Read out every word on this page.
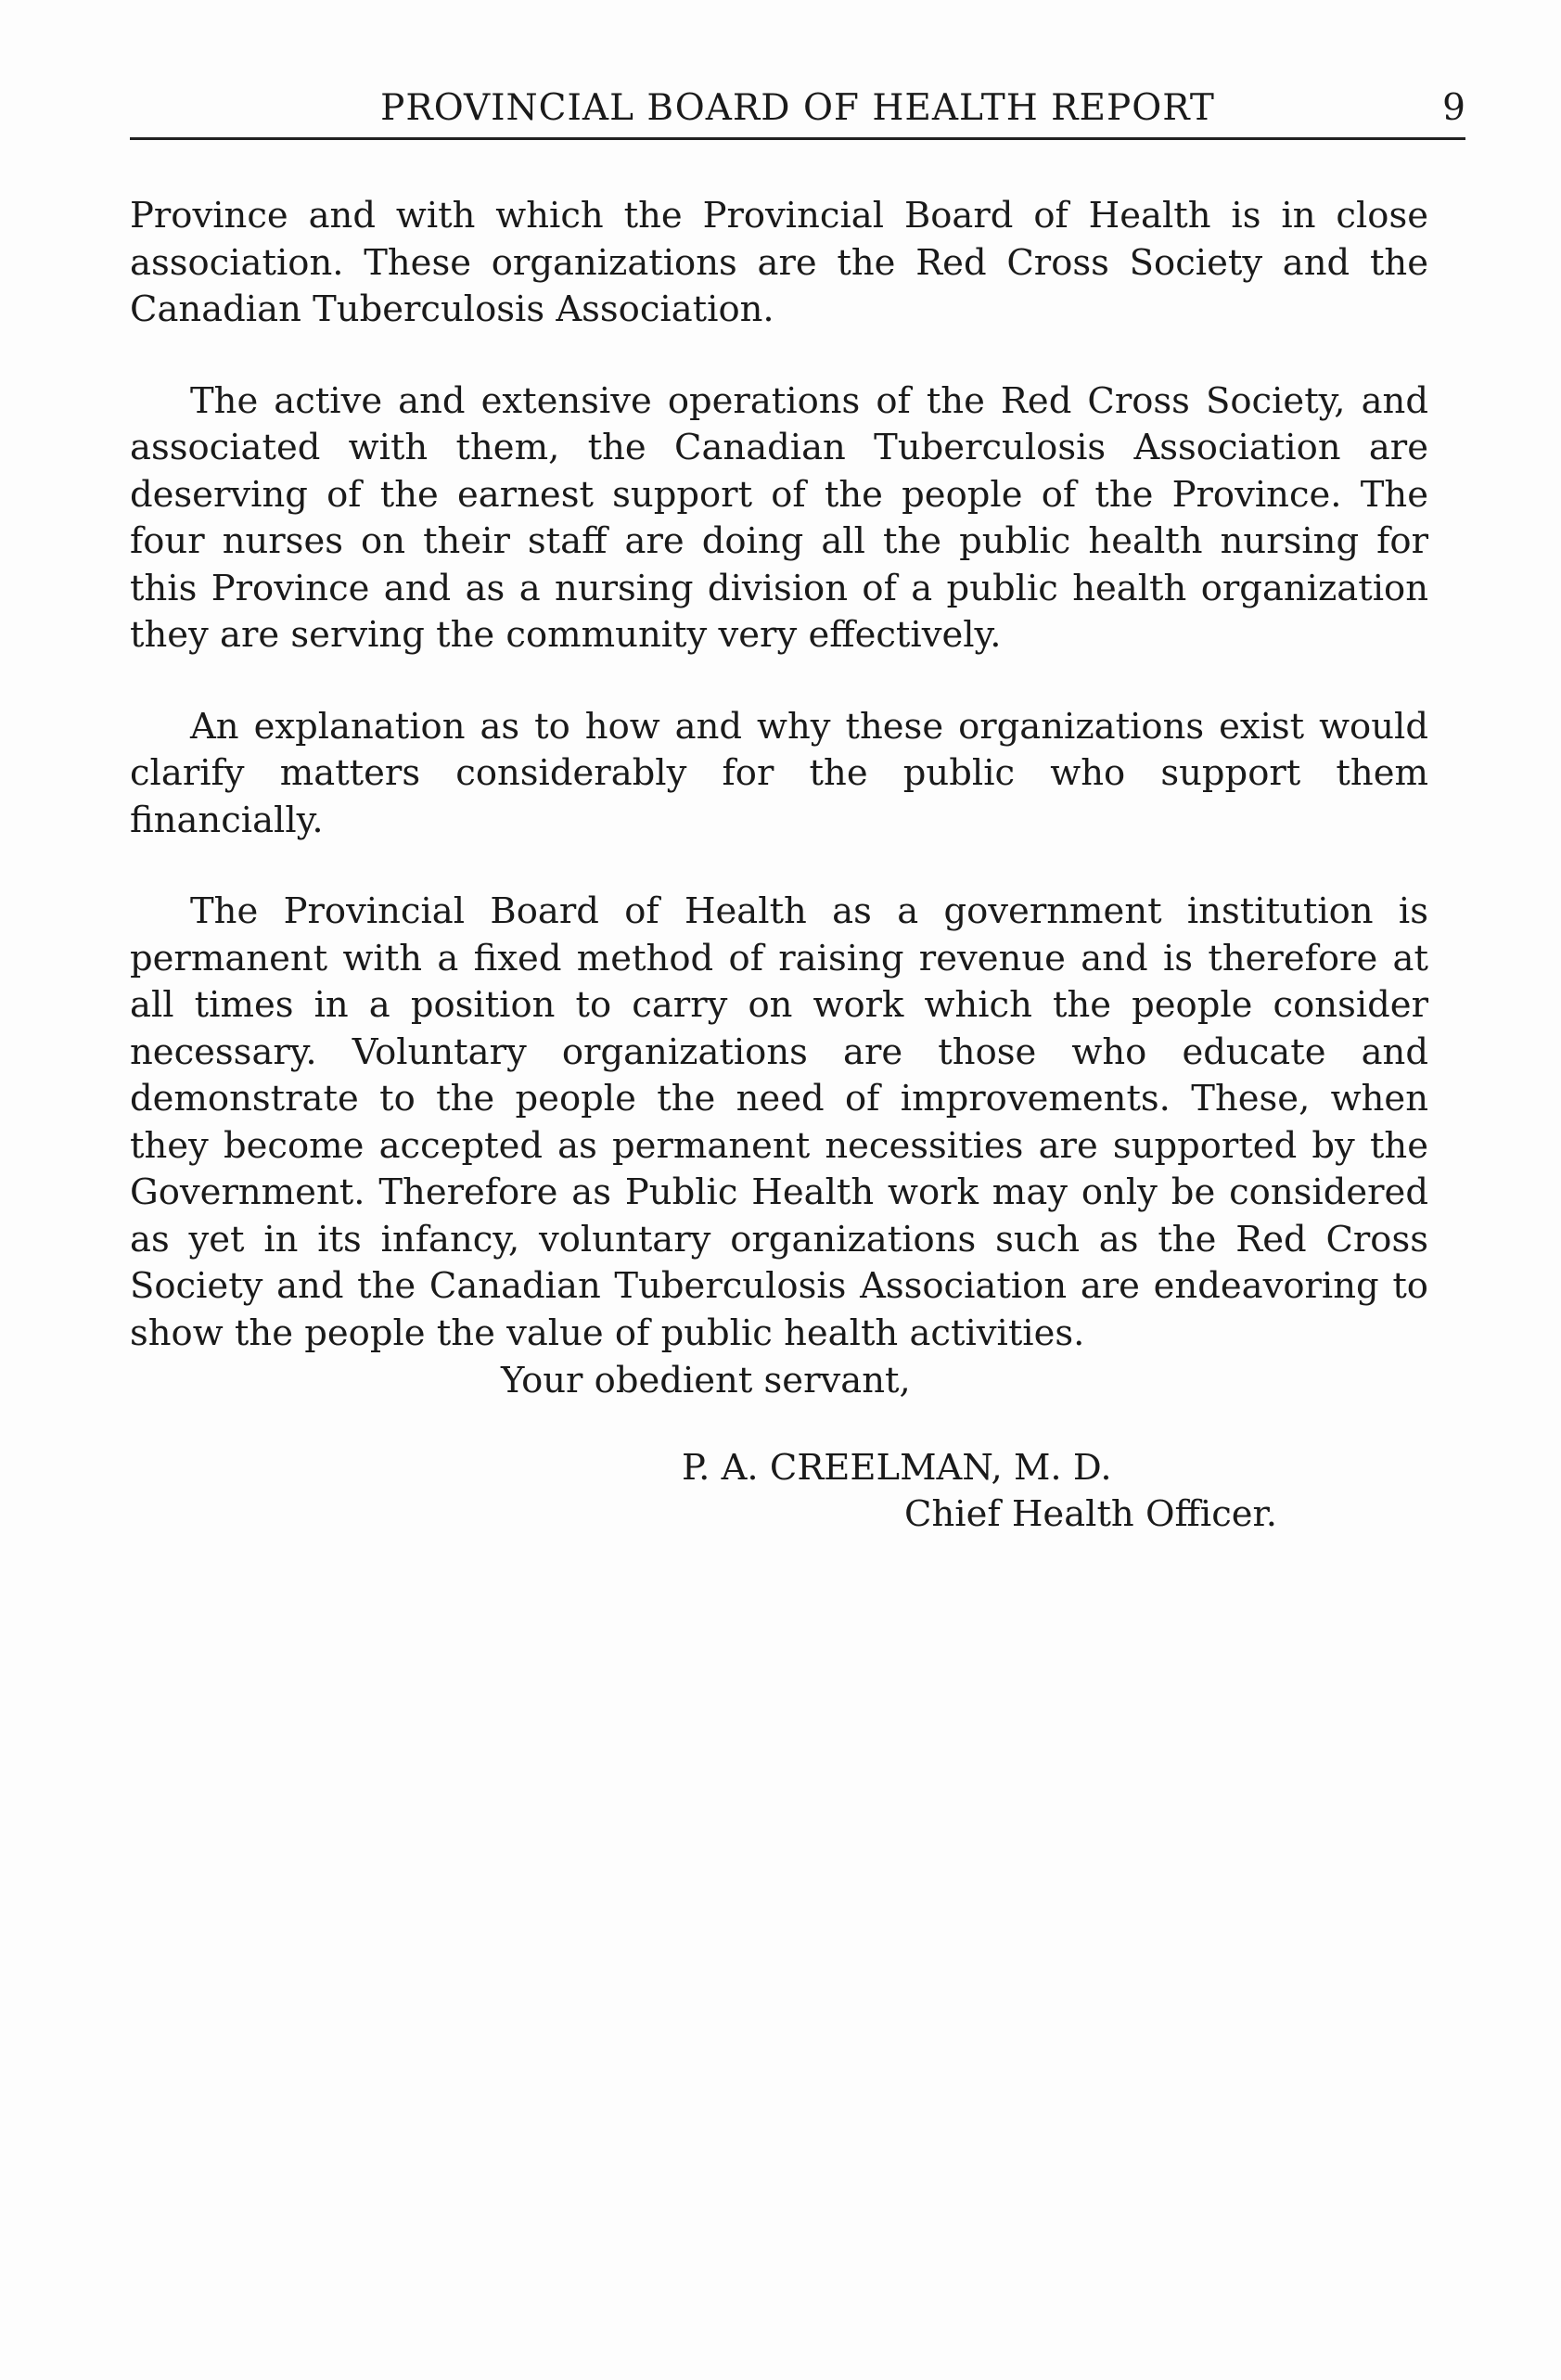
PROVINCIAL BOARD OF HEALTH REPORT	9

Province and with which the Provincial Board of Health is in close association. These organizations are the Red Cross Society and the Canadian Tuberculosis Association.

The active and extensive operations of the Red Cross Society, and associated with them, the Canadian Tuberculosis Association are deserving of the earnest support of the people of the Province. The four nurses on their staff are doing all the public health nursing for this Province and as a nursing division of a public health organization they are serving the community very effectively.

An explanation as to how and why these organizations exist would clarify matters considerably for the public who support them financially.

The Provincial Board of Health as a government institution is permanent with a fixed method of raising revenue and is therefore at all times in a position to carry on work which the people consider necessary. Voluntary organizations are those who educate and demonstrate to the people the need of improvements. These, when they become accepted as permanent necessities are supported by the Government. Therefore as Public Health work may only be considered as yet in its infancy, voluntary organizations such as the Red Cross Society and the Canadian Tuberculosis Association are endeavoring to show the people the value of public health activities.

Your obedient servant,
P. A. CREELMAN, M. D.
Chief Health Officer.
